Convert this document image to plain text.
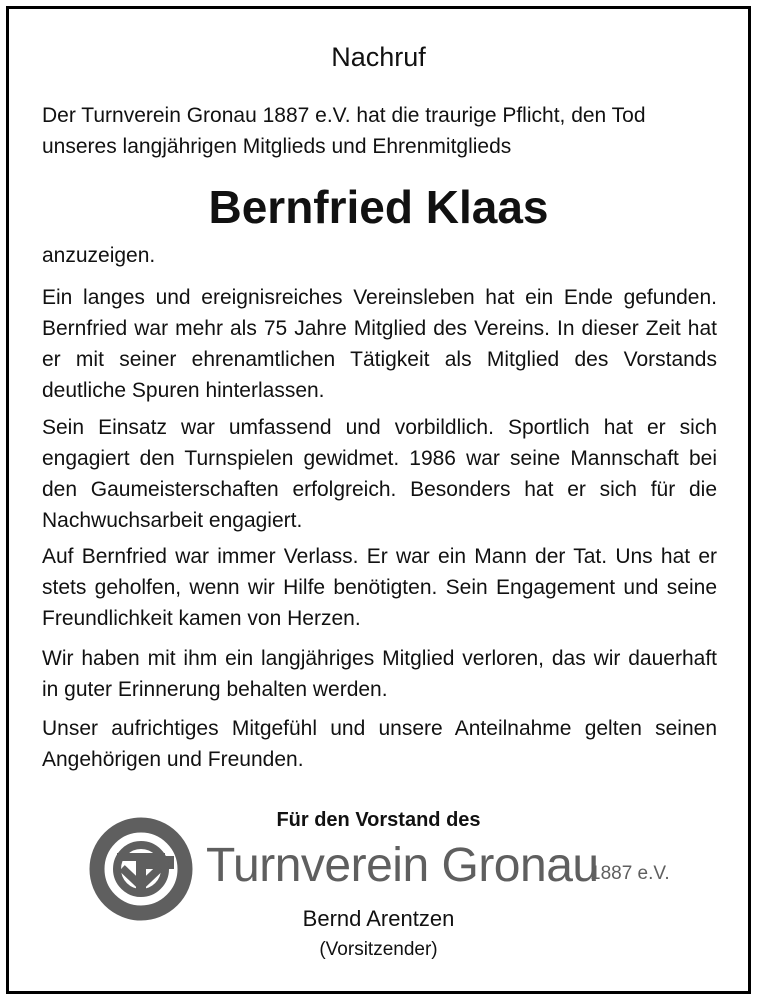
Nachruf
Der Turnverein Gronau 1887 e.V. hat die traurige Pflicht, den Tod
unseres langjährigen Mitglieds und Ehrenmitglieds
Bernfried Klaas
anzuzeigen.
Ein langes und ereignisreiches Vereinsleben hat ein Ende gefunden. Bernfried war mehr als 75 Jahre Mitglied des Vereins. In dieser Zeit hat er mit seiner ehrenamtlichen Tätigkeit als Mitglied des Vorstands deutliche Spuren hinterlassen.
Sein Einsatz war umfassend und vorbildlich. Sportlich hat er sich engagiert den Turnspielen gewidmet. 1986 war seine Mannschaft bei den Gaumeisterschaften erfolgreich. Besonders hat er sich für die Nachwuchsarbeit engagiert.
Auf Bernfried war immer Verlass. Er war ein Mann der Tat. Uns hat er stets geholfen, wenn wir Hilfe benötigten. Sein Engagement und seine Freundlichkeit kamen von Herzen.
Wir haben mit ihm ein langjähriges Mitglied verloren, das wir dauerhaft in guter Erinnerung behalten werden.
Unser aufrichtiges Mitgefühl und unsere Anteilnahme gelten seinen Angehörigen und Freunden.
Für den Vorstand des
Turnverein Gronau
1887 e.V.
Bernd Arentzen
(Vorsitzender)
